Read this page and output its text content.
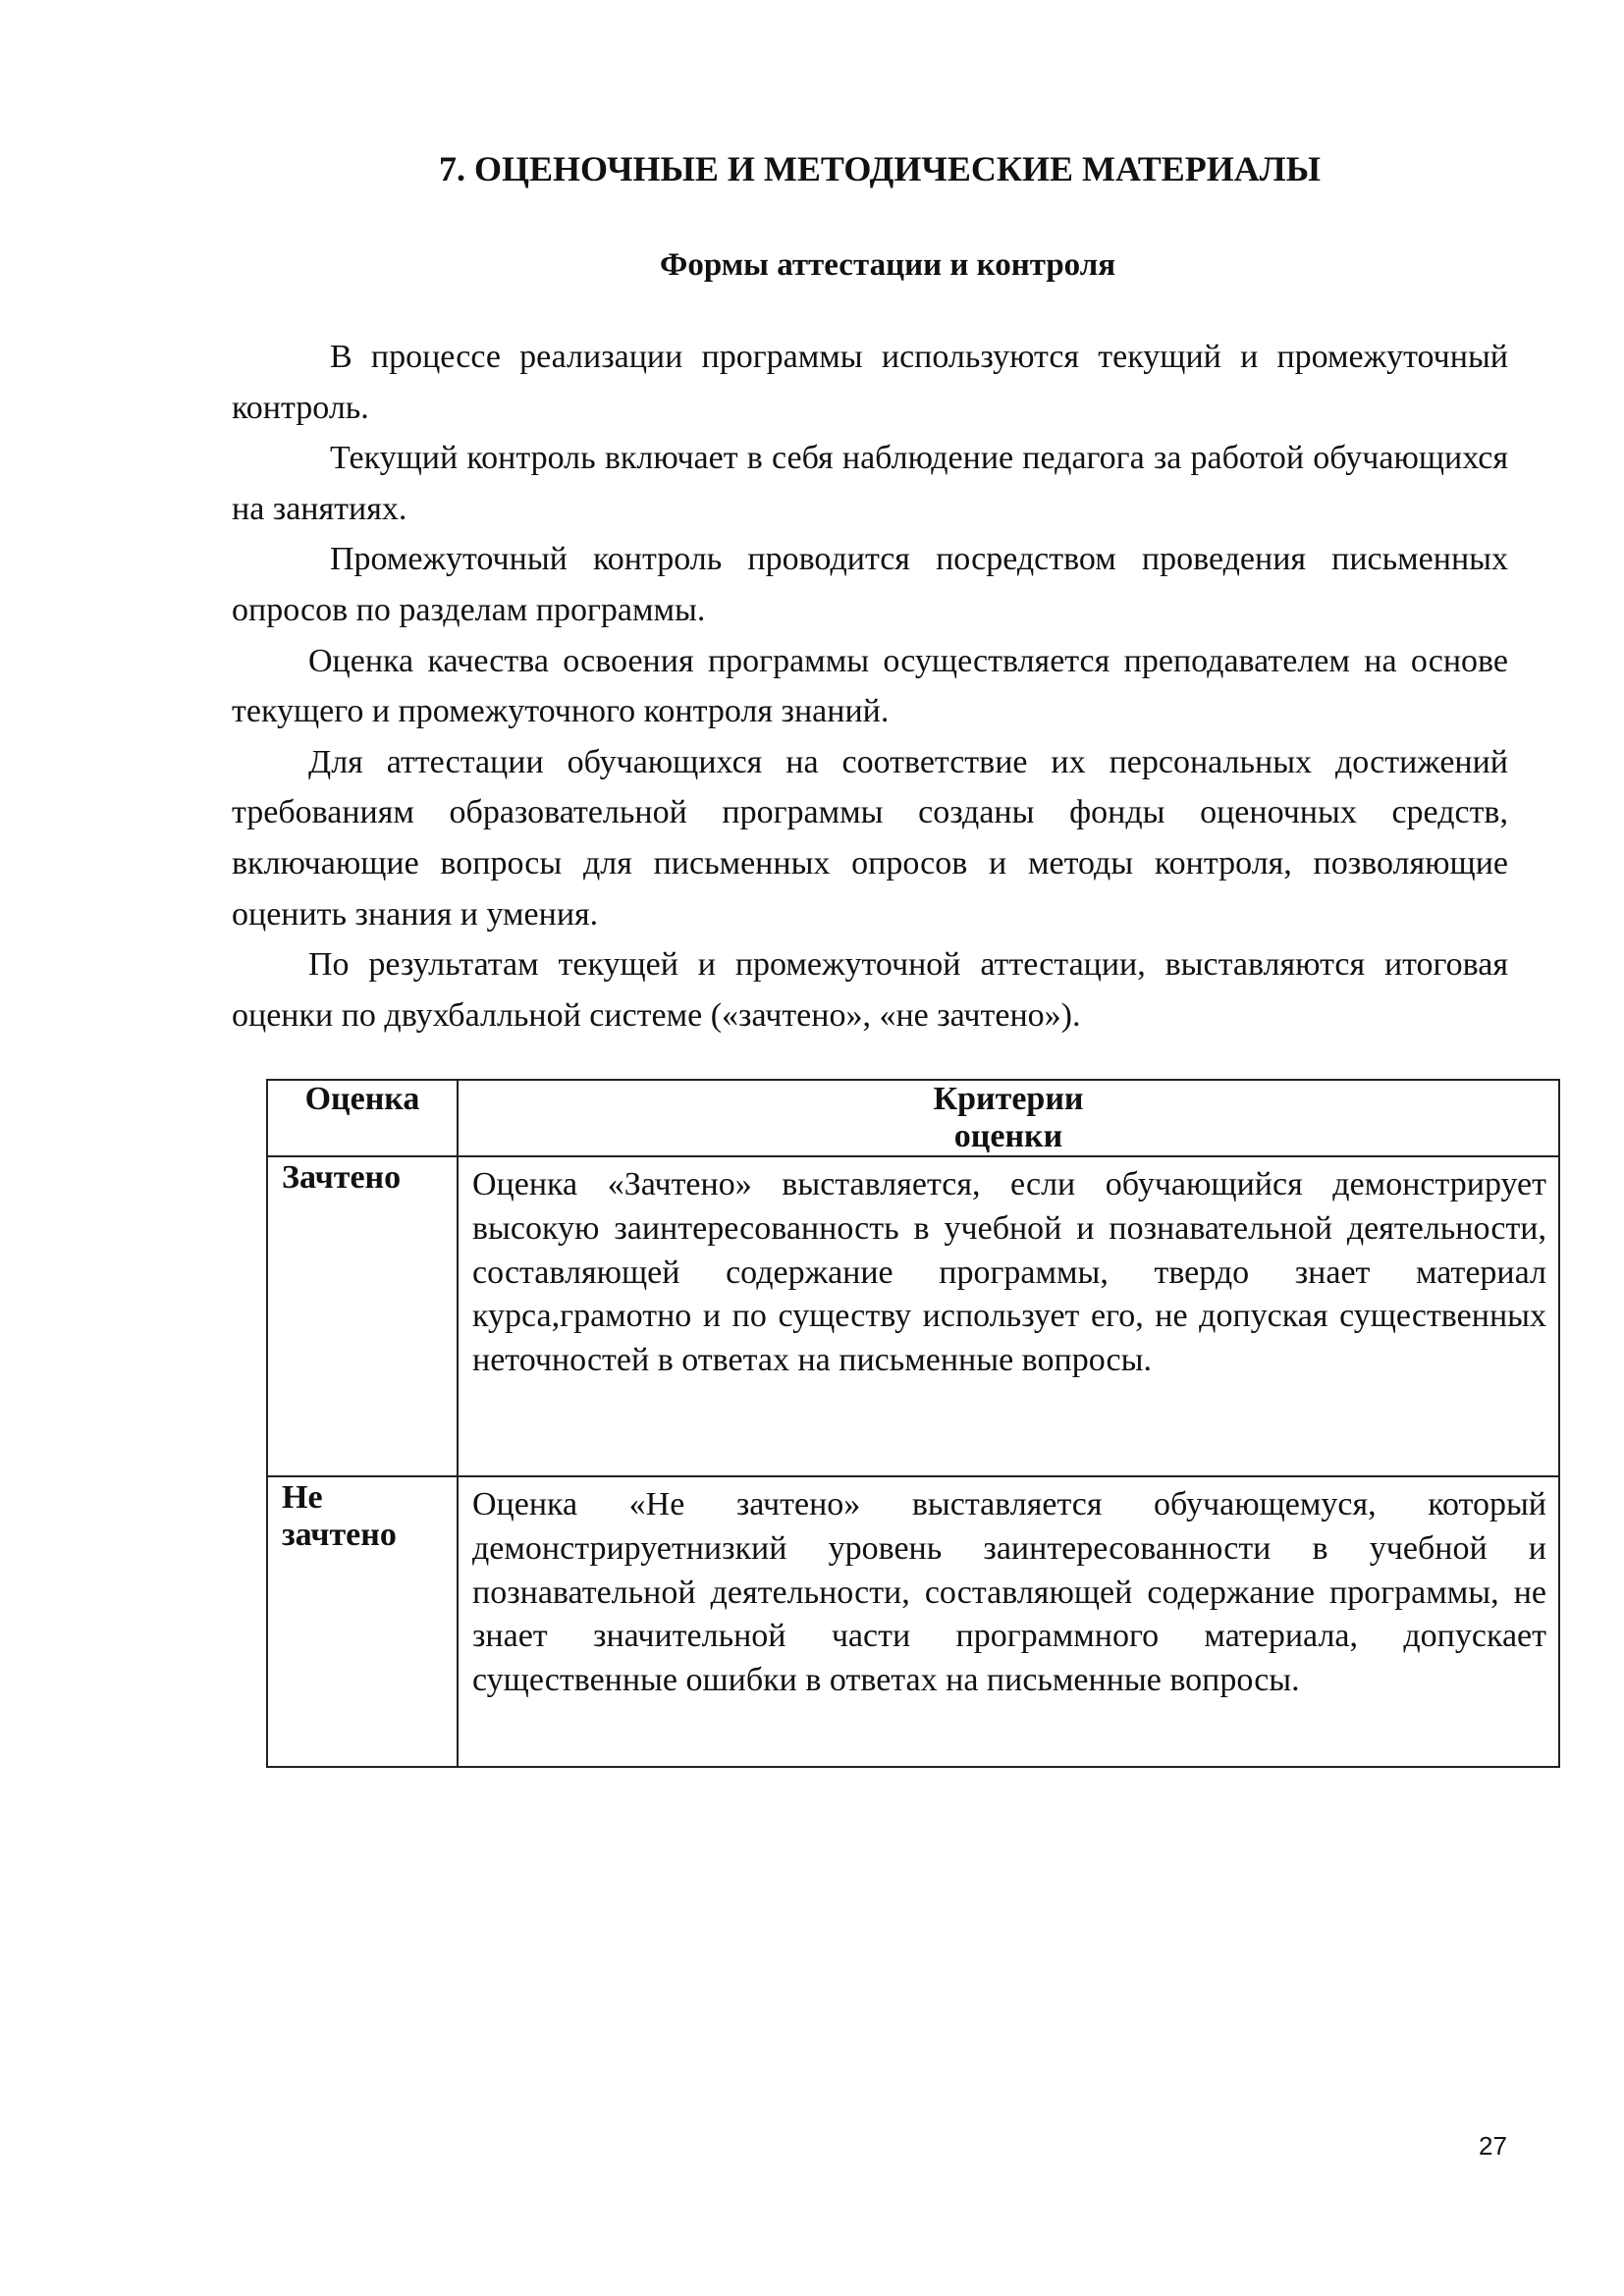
7. ОЦЕНОЧНЫЕ И МЕТОДИЧЕСКИЕ МАТЕРИАЛЫ
Формы аттестации и контроля

В процессе реализации программы используются текущий и промежуточный контроль.

Текущий контроль включает в себя наблюдение педагога за работой обучающихся на занятиях.

Промежуточный контроль проводится посредством проведения письменных опросов по разделам программы.

Оценка качества освоения программы осуществляется преподавателем на основе текущего и промежуточного контроля знаний.

Для аттестации обучающихся на соответствие их персональных достижений требованиям образовательной программы созданы фонды оценочных средств, включающие вопросы для письменных опросов и методы контроля, позволяющие оценить знания и умения.

По результатам текущей и промежуточной аттестации, выставляются итоговая оценки по двухбалльной системе («зачтено», «не зачтено»).

Оценка	Критерии
оценки

Зачтено	Оценка «Зачтено» выставляется, если обучающийся демонстрирует высокую заинтересованность в учебной и познавательной деятельности, составляющей содержание программы, твердо знает материал курса,грамотно и по существу использует его, не допуская существенных неточностей в ответах на письменные вопросы.
Не зачтено	Оценка «Не зачтено» выставляется обучающемуся, который демонстрируетнизкий уровень заинтересованности в учебной и познавательной деятельности, составляющей содержание программы, не знает значительной части программного материала, допускает существенные ошибки в ответах на письменные вопросы.
27
